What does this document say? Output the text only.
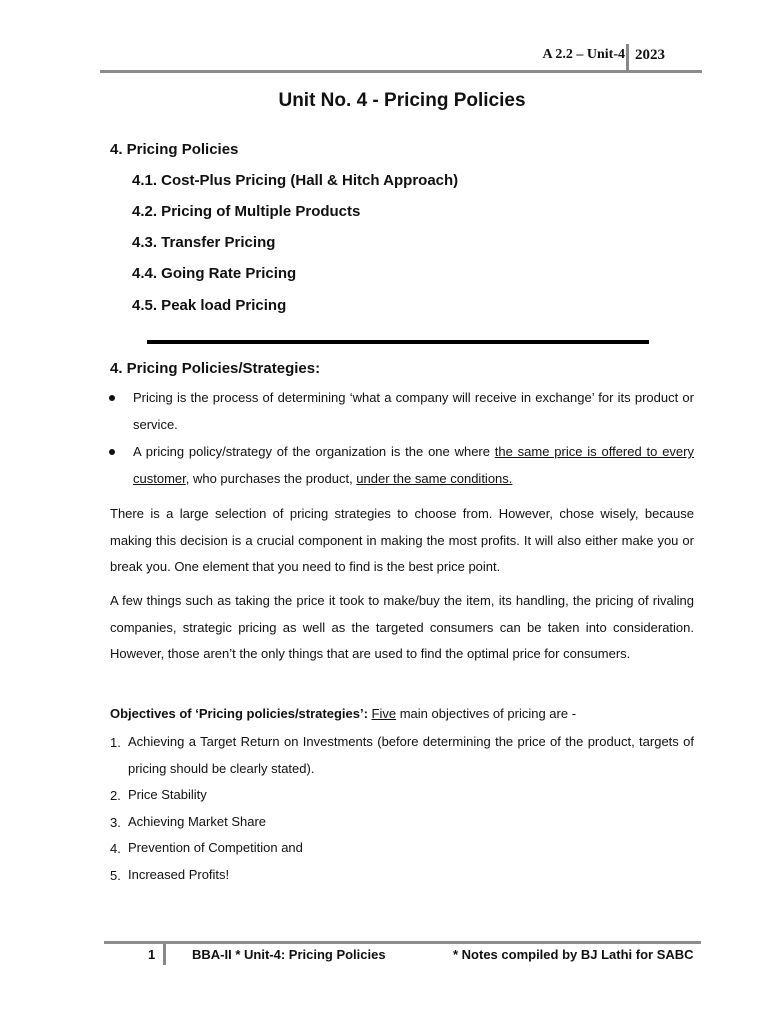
A 2.2 – Unit-4 2023
Unit No. 4 - Pricing Policies
4. Pricing Policies
4.1. Cost-Plus Pricing (Hall & Hitch Approach)
4.2. Pricing of Multiple Products
4.3. Transfer Pricing
4.4. Going Rate Pricing
4.5. Peak load Pricing
4. Pricing Policies/Strategies:
Pricing is the process of determining ‘what a company will receive in exchange’ for its product or service.
A pricing policy/strategy of the organization is the one where the same price is offered to every customer, who purchases the product, under the same conditions.
There is a large selection of pricing strategies to choose from. However, chose wisely, because making this decision is a crucial component in making the most profits. It will also either make you or break you. One element that you need to find is the best price point.
A few things such as taking the price it took to make/buy the item, its handling, the pricing of rivaling companies, strategic pricing as well as the targeted consumers can be taken into consideration. However, those aren’t the only things that are used to find the optimal price for consumers.
Objectives of ‘Pricing policies/strategies’: Five main objectives of pricing are -
1. Achieving a Target Return on Investments (before determining the price of the product, targets of pricing should be clearly stated).
2. Price Stability
3. Achieving Market Share
4. Prevention of Competition and
5. Increased Profits!
1	BBA-II * Unit-4: Pricing Policies	* Notes compiled by BJ Lathi for SABC
